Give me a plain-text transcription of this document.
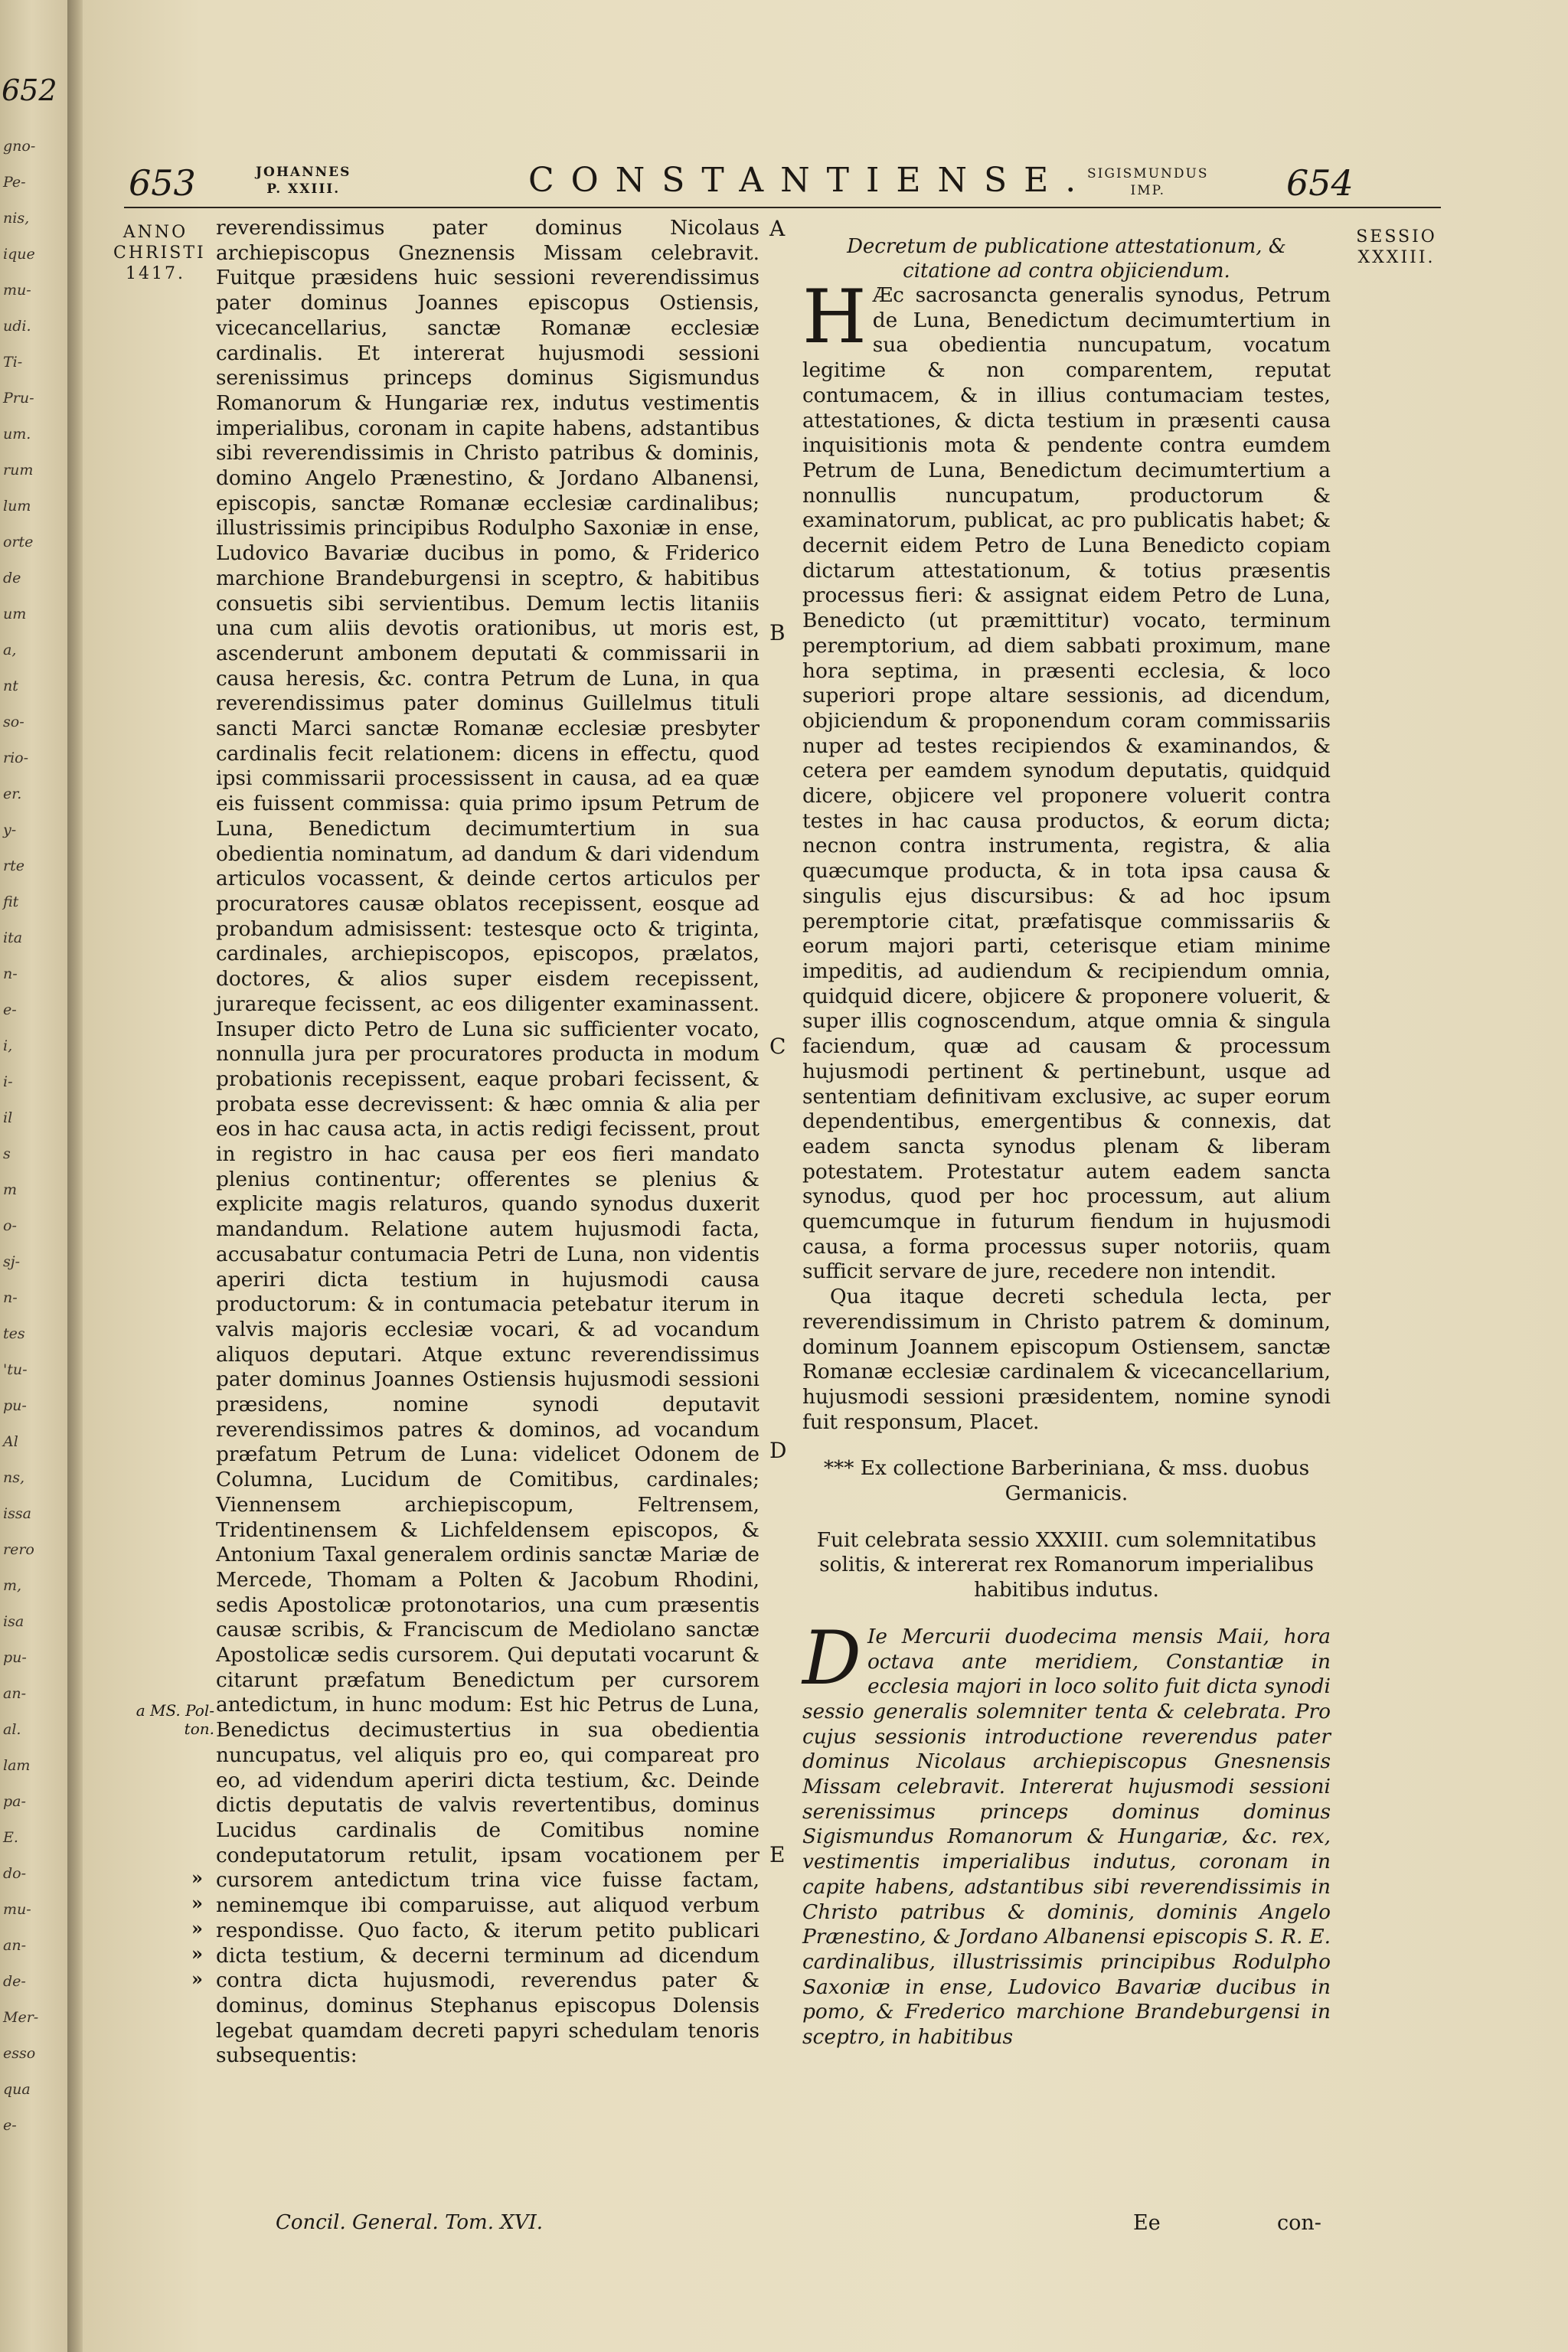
652
gno-
Pe-
nis,
ique
mu-
udi.
Ti-
Pru-
um.
rum
lum
orte
de
um
a,
nt
so-
rio-
er.
y-
rte
fit
ita
n-
e-
i,
i-
il
s
m
o-
sj-
n-
tes
'tu-
pu-
Al
ns,
issa
rero
m,
isa
pu-
an-
al.
lam
pa-
E.
do-
mu-
an-
de-
Mer-
esso
qua
e-
653	JOHANNES
P. XXIII.	CONSTANTIENSE.
SIGISMUNDUS
IMP.	654
ANNO
CHRISTI
1417.
SESSIO
XXXIII.

reverendissimus pater dominus Nicolaus archiepiscopus Gneznensis Missam celebravit. Fuitque præsidens huic sessioni reverendissimus pater dominus Joannes episcopus Ostiensis, vicecancellarius, sanctæ Romanæ ecclesiæ cardinalis. Et intererat hujusmodi sessioni serenissimus princeps dominus Sigismundus Romanorum & Hungariæ rex, indutus vestimentis imperialibus, coronam in capite habens, adstantibus sibi reverendissimis in Christo patribus & dominis, domino Angelo Prænestino, & Jordano Albanensi, episcopis, sanctæ Romanæ ecclesiæ cardinalibus; illustrissimis principibus Rodulpho Saxoniæ in ense, Ludovico Bavariæ ducibus in pomo, & Friderico marchione Brandeburgensi in sceptro, & habitibus consuetis sibi servientibus. Demum lectis litaniis una cum aliis devotis orationibus, ut moris est, ascenderunt ambonem deputati & commissarii in causa heresis, &c. contra Petrum de Luna, in qua reverendissimus pater dominus Guillelmus tituli sancti Marci sanctæ Romanæ ecclesiæ presbyter cardinalis fecit relationem: dicens in effectu, quod ipsi commissarii processissent in causa, ad ea quæ eis fuissent commissa: quia primo ipsum Petrum de Luna, Benedictum decimumtertium in sua obedientia nominatum, ad dandum & dari videndum articulos vocassent, & deinde certos articulos per procuratores causæ oblatos recepissent, eosque ad probandum admisissent: testesque octo & triginta, cardinales, archiepiscopos, episcopos, prælatos, doctores, & alios super eisdem recepissent, jurareque fecissent, ac eos diligenter examinassent. Insuper dicto Petro de Luna sic sufficienter vocato, nonnulla jura per procuratores producta in modum probationis recepissent, eaque probari fecissent, & probata esse decrevissent: & hæc omnia & alia per eos in hac causa acta, in actis redigi fecissent, prout in registro in hac causa per eos fieri mandato plenius continentur; offerentes se plenius & explicite magis relaturos, quando synodus duxerit mandandum. Relatione autem hujusmodi facta, accusabatur contumacia Petri de Luna, non videntis aperiri dicta testium in hujusmodi causa productorum: & in contumacia petebatur iterum in valvis majoris ecclesiæ vocari, & ad vocandum aliquos deputari. Atque extunc reverendissimus pater dominus Joannes Ostiensis hujusmodi sessioni præsidens, nomine synodi deputavit reverendissimos patres & dominos, ad vocandum præfatum Petrum de Luna: videlicet Odonem de Columna, Lucidum de Comitibus, cardinales; Viennensem archiepiscopum, Feltrensem, Tridentinensem & Lichfeldensem episcopos, & Antonium Taxal generalem ordinis sanctæ Mariæ de Mercede, Thomam a Polten & Jacobum Rhodini, sedis Apostolicæ protonotarios, una cum præsentis causæ scribis, & Franciscum de Mediolano sanctæ Apostolicæ sedis cursorem. Qui deputati vocarunt & citarunt præfatum Benedictum per cursorem antedictum, in hunc modum: Est hic Petrus de Luna, Benedictus decimustertius in sua obedientia nuncupatus, vel aliquis pro eo, qui compareat pro eo, ad videndum aperiri dicta testium, &c. Deinde dictis deputatis de valvis revertentibus, dominus Lucidus cardinalis de Comitibus nomine condeputatorum retulit, ipsam vocationem per cursorem antedictum trina vice fuisse factam, neminemque ibi comparuisse, aut aliquod verbum respondisse. Quo facto, & iterum petito publicari dicta testium, & decerni terminum ad dicendum contra dicta hujusmodi, reverendus pater & dominus, dominus Stephanus episcopus Dolensis legebat quamdam decreti papyri schedulam tenoris subsequentis:

A
B
C
D
E
a MS. Pol-ton.
»
»
»
»
»

Decretum de publicatione attestationum, & citatione ad contra objiciendum.

H Æc sacrosancta generalis synodus, Petrum de Luna, Benedictum decimumtertium in sua obedientia nuncupatum, vocatum legitime & non comparentem, reputat contumacem, & in illius contumaciam testes, attestationes, & dicta testium in præsenti causa inquisitionis mota & pendente contra eumdem Petrum de Luna, Benedictum decimumtertium a nonnullis nuncupatum, productorum & examinatorum, publicat, ac pro publicatis habet; & decernit eidem Petro de Luna Benedicto copiam dictarum attestationum, & totius præsentis processus fieri: & assignat eidem Petro de Luna, Benedicto (ut præmittitur) vocato, terminum peremptorium, ad diem sabbati proximum, mane hora septima, in præsenti ecclesia, & loco superiori prope altare sessionis, ad dicendum, objiciendum & proponendum coram commissariis nuper ad testes recipiendos & examinandos, & cetera per eamdem synodum deputatis, quidquid dicere, objicere vel proponere voluerit contra testes in hac causa productos, & eorum dicta; necnon contra instrumenta, registra, & alia quæcumque producta, & in tota ipsa causa & singulis ejus discursibus: & ad hoc ipsum peremptorie citat, præfatisque commissariis & eorum majori parti, ceterisque etiam minime impeditis, ad audiendum & recipiendum omnia, quidquid dicere, objicere & proponere voluerit, & super illis cognoscendum, atque omnia & singula faciendum, quæ ad causam & processum hujusmodi pertinent & pertinebunt, usque ad sententiam definitivam exclusive, ac super eorum dependentibus, emergentibus & connexis, dat eadem sancta synodus plenam & liberam potestatem. Protestatur autem eadem sancta synodus, quod per hoc processum, aut alium quemcumque in futurum fiendum in hujusmodi causa, a forma processus super notoriis, quam sufficit servare de jure, recedere non intendit.

Qua itaque decreti schedula lecta, per reverendissimum in Christo patrem & dominum, dominum Joannem episcopum Ostiensem, sanctæ Romanæ ecclesiæ cardinalem & vicecancellarium, hujusmodi sessioni præsidentem, nomine synodi fuit responsum, Placet.

*** Ex collectione Barberiniana, & mss. duobus Germanicis.

Fuit celebrata sessio XXXIII. cum solemnitatibus solitis, & intererat rex Romanorum imperialibus habitibus indutus.

D Ie Mercurii duodecima mensis Maii, hora octava ante meridiem, Constantiæ in ecclesia majori in loco solito fuit dicta synodi sessio generalis solemniter tenta & celebrata. Pro cujus sessionis introductione reverendus pater dominus Nicolaus archiepiscopus Gnesnensis Missam celebravit. Intererat hujusmodi sessioni serenissimus princeps dominus dominus Sigismundus Romanorum & Hungariæ, &c. rex, vestimentis imperialibus indutus, coronam in capite habens, adstantibus sibi reverendissimis in Christo patribus & dominis, dominis Angelo Prænestino, & Jordano Albanensi episcopis S. R. E. cardinalibus, illustrissimis principibus Rodulpho Saxoniæ in ense, Ludovico Bavariæ ducibus in pomo, & Frederico marchione Brandeburgensi in sceptro, in habitibus

Concil. General. Tom. XVI.	Ee	con-
